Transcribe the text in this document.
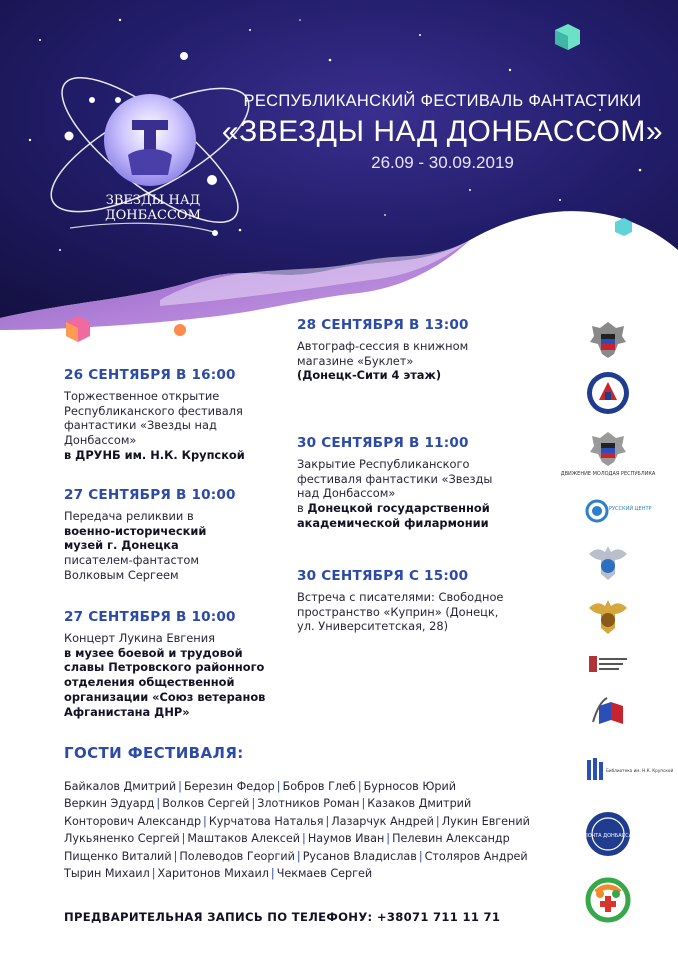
ЗВЕЗДЫ НАД
ДОНБАССОМ
РЕСПУБЛИКАНСКИЙ ФЕСТИВАЛЬ ФАНТАСТИКИ
«ЗВЕЗДЫ НАД ДОНБАССОМ»
26.09 - 30.09.2019
26 СЕНТЯБРЯ В 16:00
Торжественное открытие Республиканского фестиваля фантастики «Звезды над Донбассом»
в ДРУНБ им. Н.К. Крупской
27 СЕНТЯБРЯ В 10:00
Передача реликвии в
военно-исторический музей г. Донецка
писателем-фантастом Волковым Сергеем
27 СЕНТЯБРЯ В 10:00
Концерт Лукина Евгения
в музее боевой и трудовой славы Петровского районного отделения общественной организации «Союз ветеранов Афганистана ДНР»
28 СЕНТЯБРЯ В 13:00
Автограф-сессия в книжном магазине «Буклет»
(Донецк-Сити 4 этаж)
30 СЕНТЯБРЯ В 11:00
Закрытие Республиканского фестиваля фантастики «Звезды над Донбассом»
в Донецкой государственной академической филармонии
30 СЕНТЯБРЯ С 15:00
Встреча с писателями: Свободное пространство «Куприн» (Донецк, ул. Университетская, 28)
ГОСТИ ФЕСТИВАЛЯ:
Байкалов Дмитрий | Березин Федор | Бобров Глеб | Бурносов Юрий
Веркин Эдуард | Волков Сергей | Злотников Роман | Казаков Дмитрий
Конторович Александр | Курчатова Наталья | Лазарчук Андрей | Лукин Евгений
Лукьяненко Сергей | Маштаков Алексей | Наумов Иван | Пелевин Александр
Пищенко Виталий | Полеводов Георгий | Русанов Владислав | Столяров Андрей
Тырин Михаил | Харитонов Михаил | Чекмаев Сергей
ПРЕДВАРИТЕЛЬНАЯ ЗАПИСЬ ПО ТЕЛЕФОНУ: +38071 711 11 71
ДВИЖЕНИЕ МОЛОДАЯ РЕСПУБЛИКА
РУССКИЙ ЦЕНТР
Библиотека им. Н.К. Крупской
ПОЧТА ДОНБАССА
